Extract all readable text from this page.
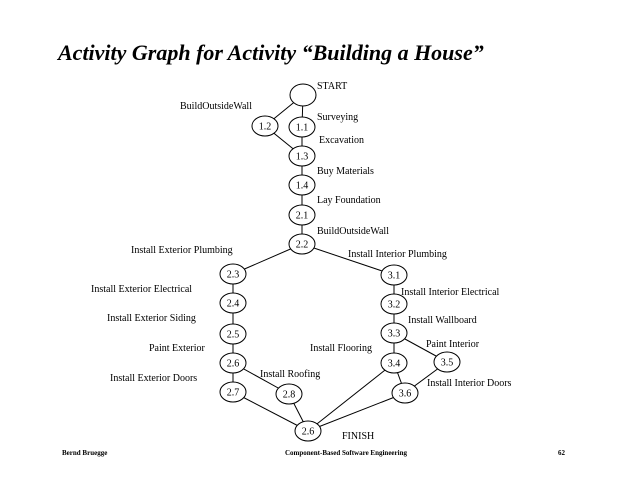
Activity Graph for Activity “Building a House”
1.1
1.2
1.3
1.4
2.1
2.2
2.3
2.4
2.5
2.6
2.7	2.8
3.1
3.2
3.3
3.4	3.5
3.6
2.6
START
BuildOutsideWall
Surveying
Excavation
Buy Materials
Lay Foundation
BuildOutsideWall
Install Exterior Plumbing	Install Interior Plumbing
Install Exterior Electrical	Install Interior Electrical
Install Exterior Siding	Install Wallboard
Paint Exterior	Install Flooring	Paint Interior
Install Exterior Doors	Install Roofing
Install Interior Doors
FINISH
Bernd Bruegge	Component-Based Software Engineering	62
